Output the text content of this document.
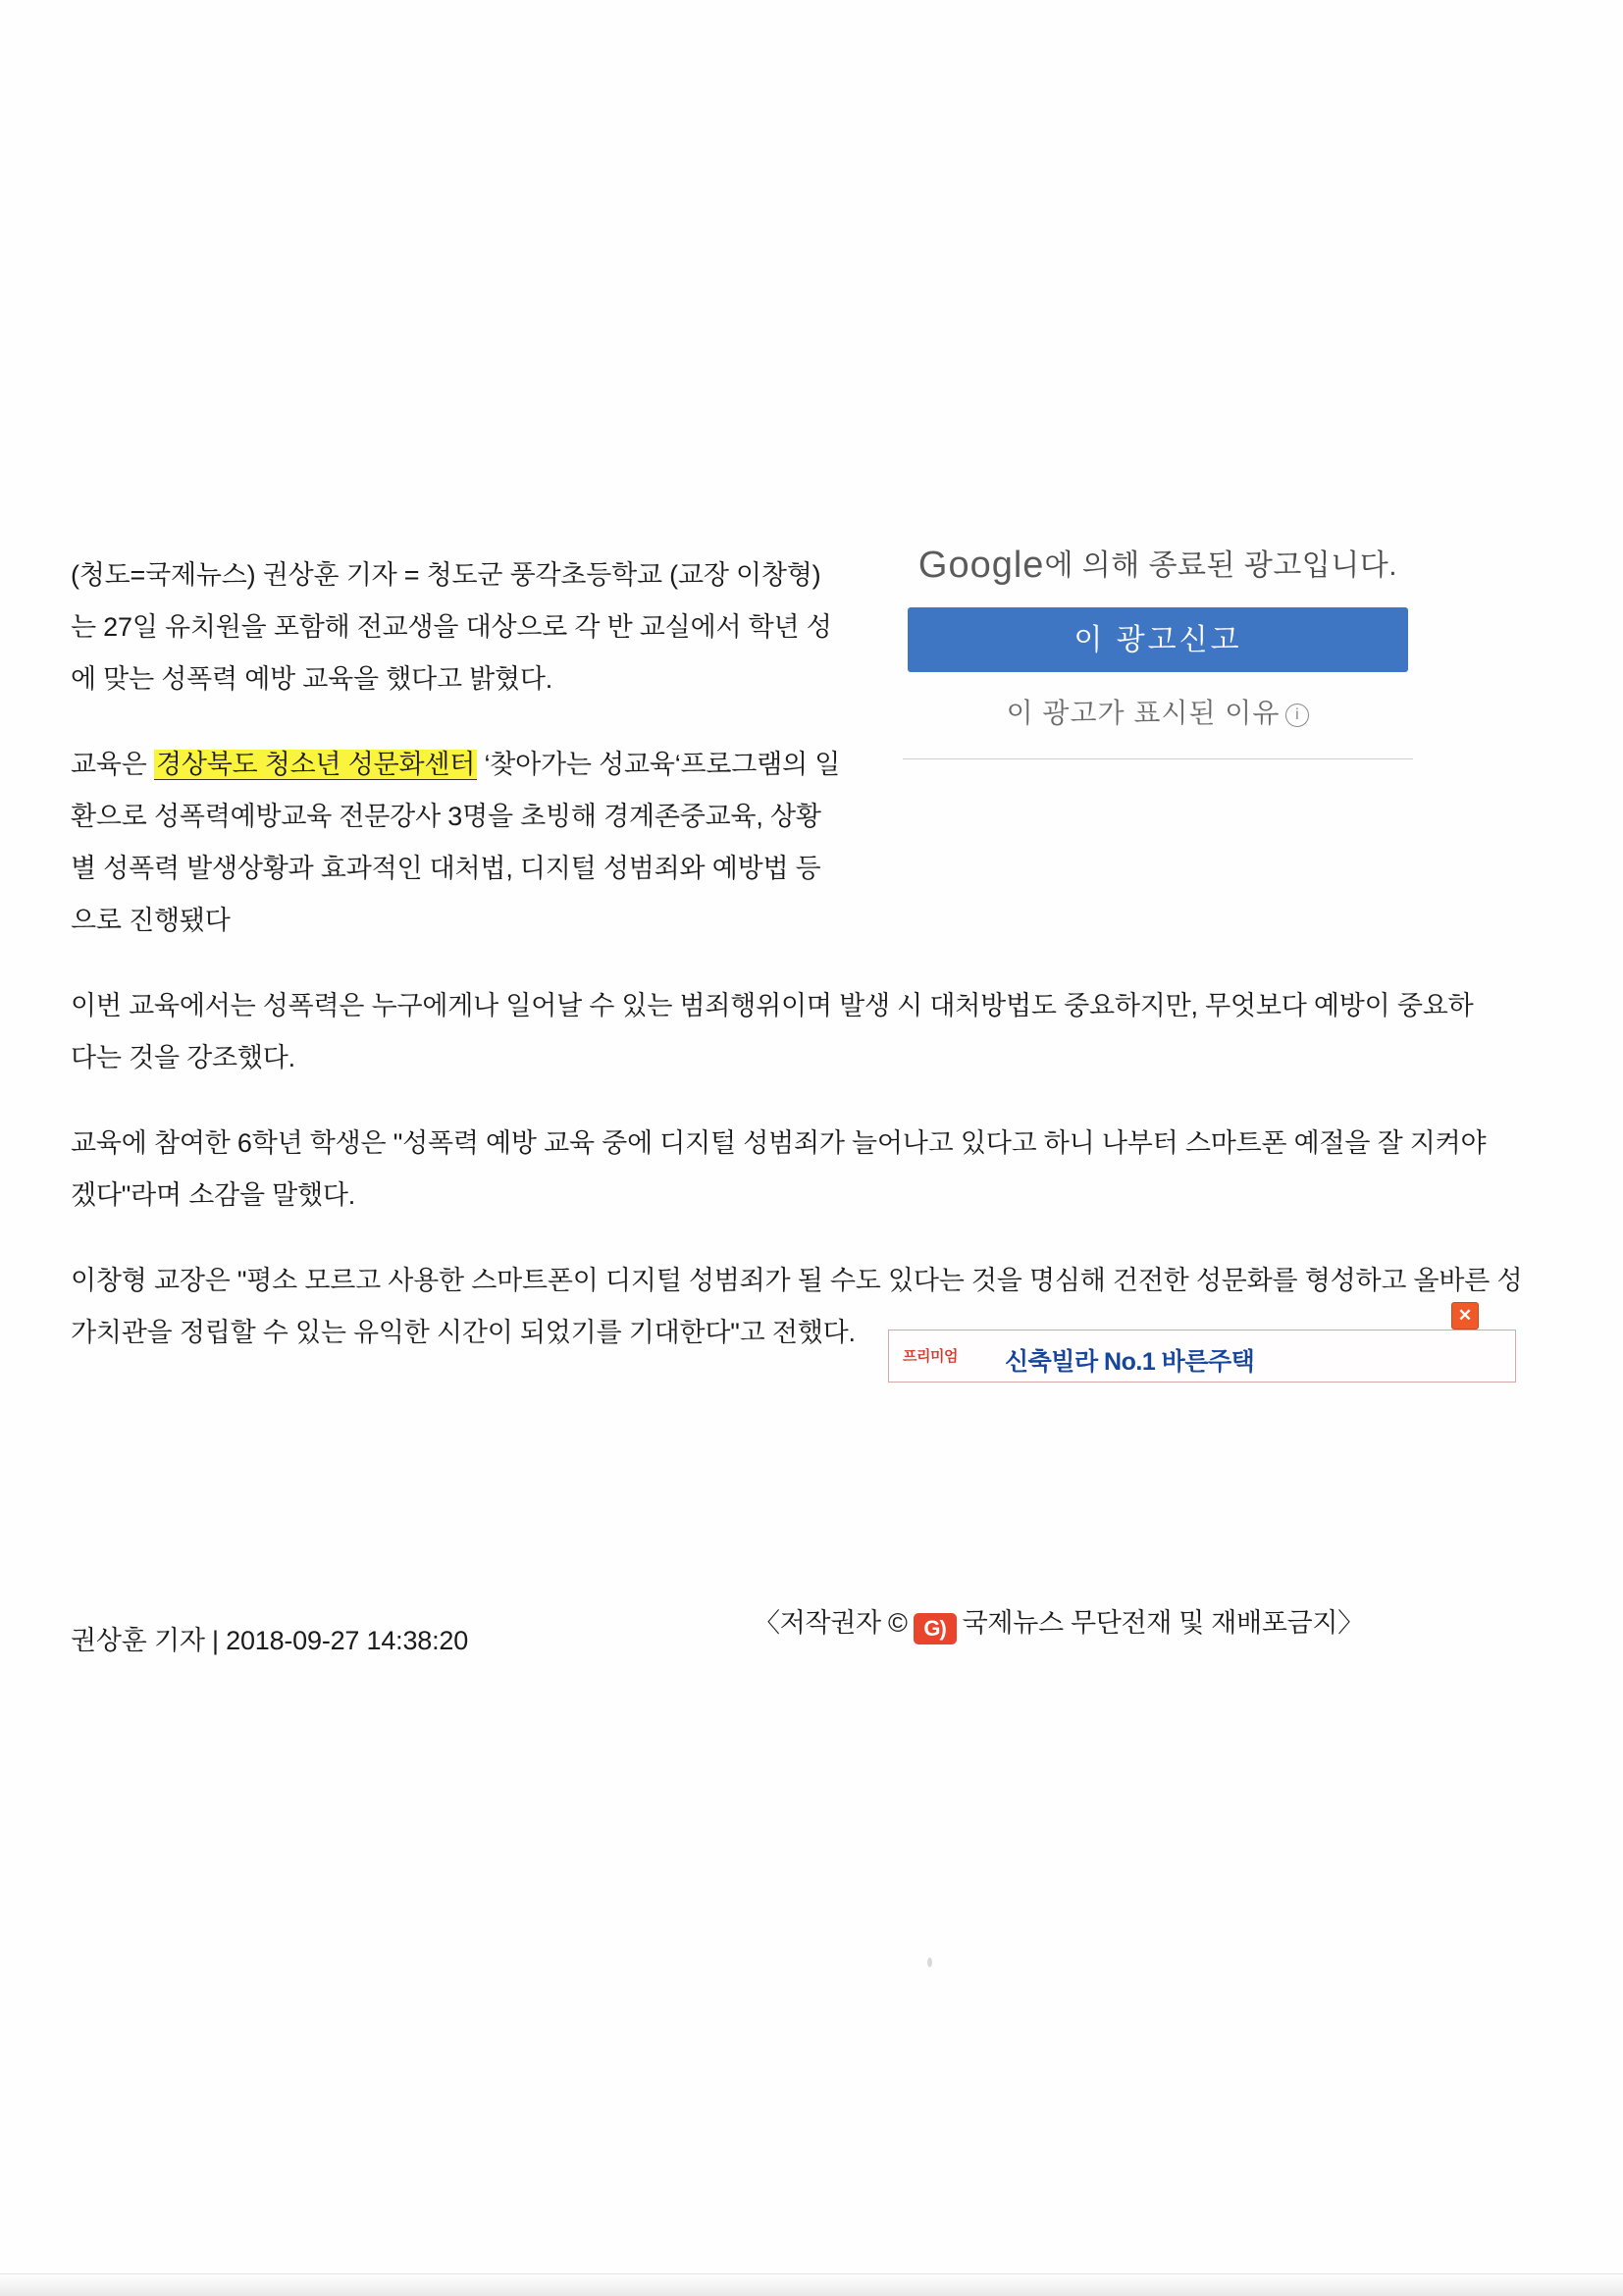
(청도=국제뉴스) 권상훈 기자 = 청도군 풍각초등학교 (교장 이창형)는 27일 유치원을 포함해 전교생을 대상으로 각 반 교실에서 학년 성에 맞는 성폭력 예방 교육을 했다고 밝혔다.

교육은 경상북도 청소년 성문화센터 ‘찾아가는 성교육‘프로그램의 일환으로 성폭력예방교육 전문강사 3명을 초빙해 경계존중교육, 상황별 성폭력 발생상황과 효과적인 대처법, 디지털 성범죄와 예방법 등으로 진행됐다

이번 교육에서는 성폭력은 누구에게나 일어날 수 있는 범죄행위이며 발생 시 대처방법도 중요하지만, 무엇보다 예방이 중요하다는 것을 강조했다.

교육에 참여한 6학년 학생은 "성폭력 예방 교육 중에 디지털 성범죄가 늘어나고 있다고 하니 나부터 스마트폰 예절을 잘 지켜야겠다"라며 소감을 말했다.

이창형 교장은 "평소 모르고 사용한 스마트폰이 디지털 성범죄가 될 수도 있다는 것을 명심해 건전한 성문화를 형성하고 올바른 성가치관을 정립할 수 있는 유익한 시간이 되었기를 기대한다"고 전했다.

Google에 의해 종료된 광고입니다.
이 광고신고
이 광고가 표시된 이유 i
프리미엄 신축빌라 No.1 바른주택
✕
〈저작권자 © G) 국제뉴스 무단전재 및 재배포금지〉
권상훈 기자 | 2018-09-27 14:38:20
